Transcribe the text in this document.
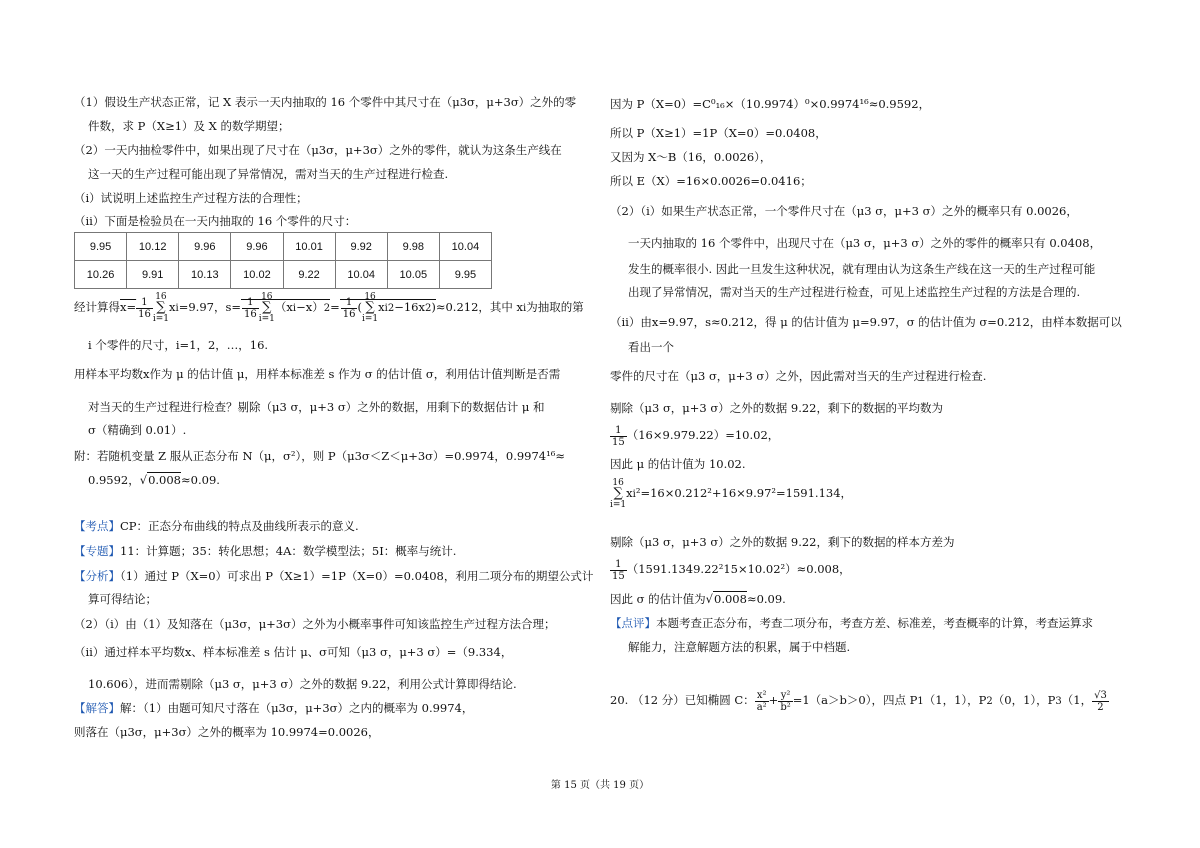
（1）假设生产状态正常，记 X 表示一天内抽取的 16 个零件中其尺寸在（μ3σ，μ+3σ）之外的零
件数，求 P（X≥1）及 X 的数学期望；
（2）一天内抽检零件中，如果出现了尺寸在（μ3σ，μ+3σ）之外的零件，就认为这条生产线在
这一天的生产过程可能出现了异常情况，需对当天的生产过程进行检查.
（ⅰ）试说明上述监控生产过程方法的合理性；
（ⅱ）下面是检验员在一天内抽取的 16 个零件的尺寸：
9.95	10.12	9.96	9.96	10.01	9.92	9.98	10.04
10.26	9.91	10.13	10.02	9.22	10.04	10.05	9.95
经计算得$x= \frac{1}{16} 16$
∑
i=1
xi=9.97，$s= \frac{1}{16} 16$
∑
i=1
$(xi-x)2= \frac{1}{16}$ (
16
∑
i=1
xi2−16x2)≈0.212，其中 xi为抽取的第
i 个零件的尺寸，i=1，2，…，16.
用样本平均数x作为 μ 的估计值 μ，用样本标准差 s 作为 σ 的估计值 σ，利用估计值判断是否需
对当天的生产过程进行检查？剔除（μ3 σ，μ+3 σ）之外的数据，用剩下的数据估计 μ 和
σ（精确到 0.01）.
附：若随机变量 Z 服从正态分布 N（μ，σ²），则 P（μ3σ＜Z＜μ+3σ）=0.9974，0.9974¹⁶≈
0.9592，√0.008≈0.09.
【考点】CP：正态分布曲线的特点及曲线所表示的意义.
【专题】11：计算题；35：转化思想；4A：数学模型法；5I：概率与统计.
【分析】（1）通过 P（X=0）可求出 P（X≥1）=1P（X=0）=0.0408，利用二项分布的期望公式计
算可得结论；
（2）（ⅰ）由（1）及知落在（μ3σ，μ+3σ）之外为小概率事件可知该监控生产过程方法合理；
（ⅱ）通过样本平均数x、样本标准差 s 估计 μ、σ可知（μ3 σ，μ+3 σ）=（9.334，
10.606），进而需剔除（μ3 σ，μ+3 σ）之外的数据 9.22，利用公式计算即得结论.
【解答】解：（1）由题可知尺寸落在（μ3σ，μ+3σ）之内的概率为 0.9974，
则落在（μ3σ，μ+3σ）之外的概率为 10.9974=0.0026，
因为 P（X=0）=C⁰₁₆×（10.9974）⁰×0.9974¹⁶≈0.9592，
所以 P（X≥1）=1P（X=0）=0.0408，
又因为 X～B（16，0.0026），
所以 E（X）=16×0.0026=0.0416；
（2）（ⅰ）如果生产状态正常，一个零件尺寸在（μ3 σ，μ+3 σ）之外的概率只有 0.0026，
一天内抽取的 16 个零件中，出现尺寸在（μ3 σ，μ+3 σ）之外的零件的概率只有 0.0408，
发生的概率很小. 因此一旦发生这种状况，就有理由认为这条生产线在这一天的生产过程可能
出现了异常情况，需对当天的生产过程进行检查，可见上述监控生产过程的方法是合理的.
（ⅱ）由x=9.97，s≈0.212，得 μ 的估计值为 μ=9.97，σ 的估计值为 σ=0.212，由样本数据可以
看出一个
零件的尺寸在（μ3 σ，μ+3 σ）之外，因此需对当天的生产过程进行检查.
剔除（μ3 σ，μ+3 σ）之外的数据 9.22，剩下的数据的平均数为
$\frac{1}{15} (16\times 9.979.22)=10.02$，
因此 μ 的估计值为 10.02.
16
∑
i=1
xi²=16×0.212²+16×9.97²=1591.134，
剔除（μ3 σ，μ+3 σ）之外的数据 9.22，剩下的数据的样本方差为
$\frac{1}{15} (1591.1349.22^215\times 10.02^2)\approx 0.008$，
因此 σ 的估计值为√0.008≈0.09.
【点评】本题考查正态分布，考查二项分布，考查方差、标准差，考查概率的计算，考查运算求
解能力，注意解题方法的积累，属于中档题.
20. （12 分）已知椭圆 C： $\frac{\text{x²}}{\text{a²}} + \frac{\text{y²}}{\text{b²}} =1(a>b>0)$，四点 P1（1，1），P2（0，1），P3（1， $\frac{√3}{2}$
第 15 页（共 19 页）
